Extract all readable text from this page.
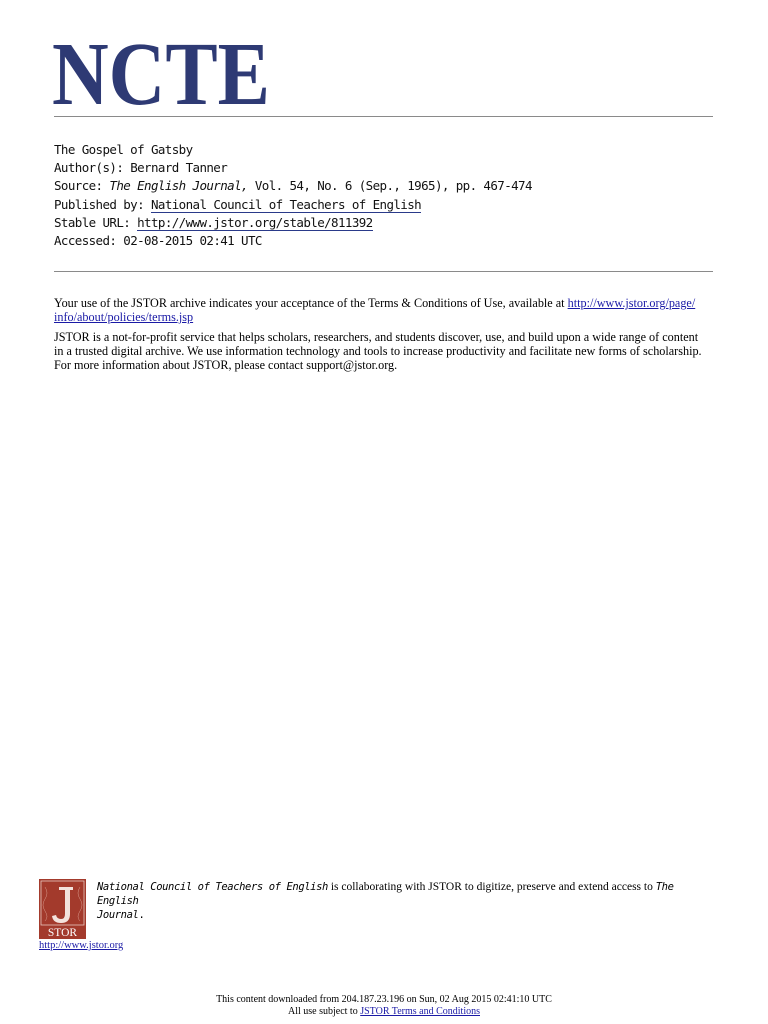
NCTE
The Gospel of Gatsby
Author(s): Bernard Tanner
Source: The English Journal, Vol. 54, No. 6 (Sep., 1965), pp. 467-474
Published by: National Council of Teachers of English
Stable URL: http://www.jstor.org/stable/811392
Accessed: 02-08-2015 02:41 UTC

Your use of the JSTOR archive indicates your acceptance of the Terms & Conditions of Use, available at http://www.jstor.org/page/
info/about/policies/terms.jsp

JSTOR is a not-for-profit service that helps scholars, researchers, and students discover, use, and build upon a wide range of content
in a trusted digital archive. We use information technology and tools to increase productivity and facilitate new forms of scholarship.
For more information about JSTOR, please contact support@jstor.org.

STOR
http://www.jstor.org
National Council of Teachers of English is collaborating with JSTOR to digitize, preserve and extend access to The English
Journal.
This content downloaded from 204.187.23.196 on Sun, 02 Aug 2015 02:41:10 UTC
All use subject to JSTOR Terms and Conditions
